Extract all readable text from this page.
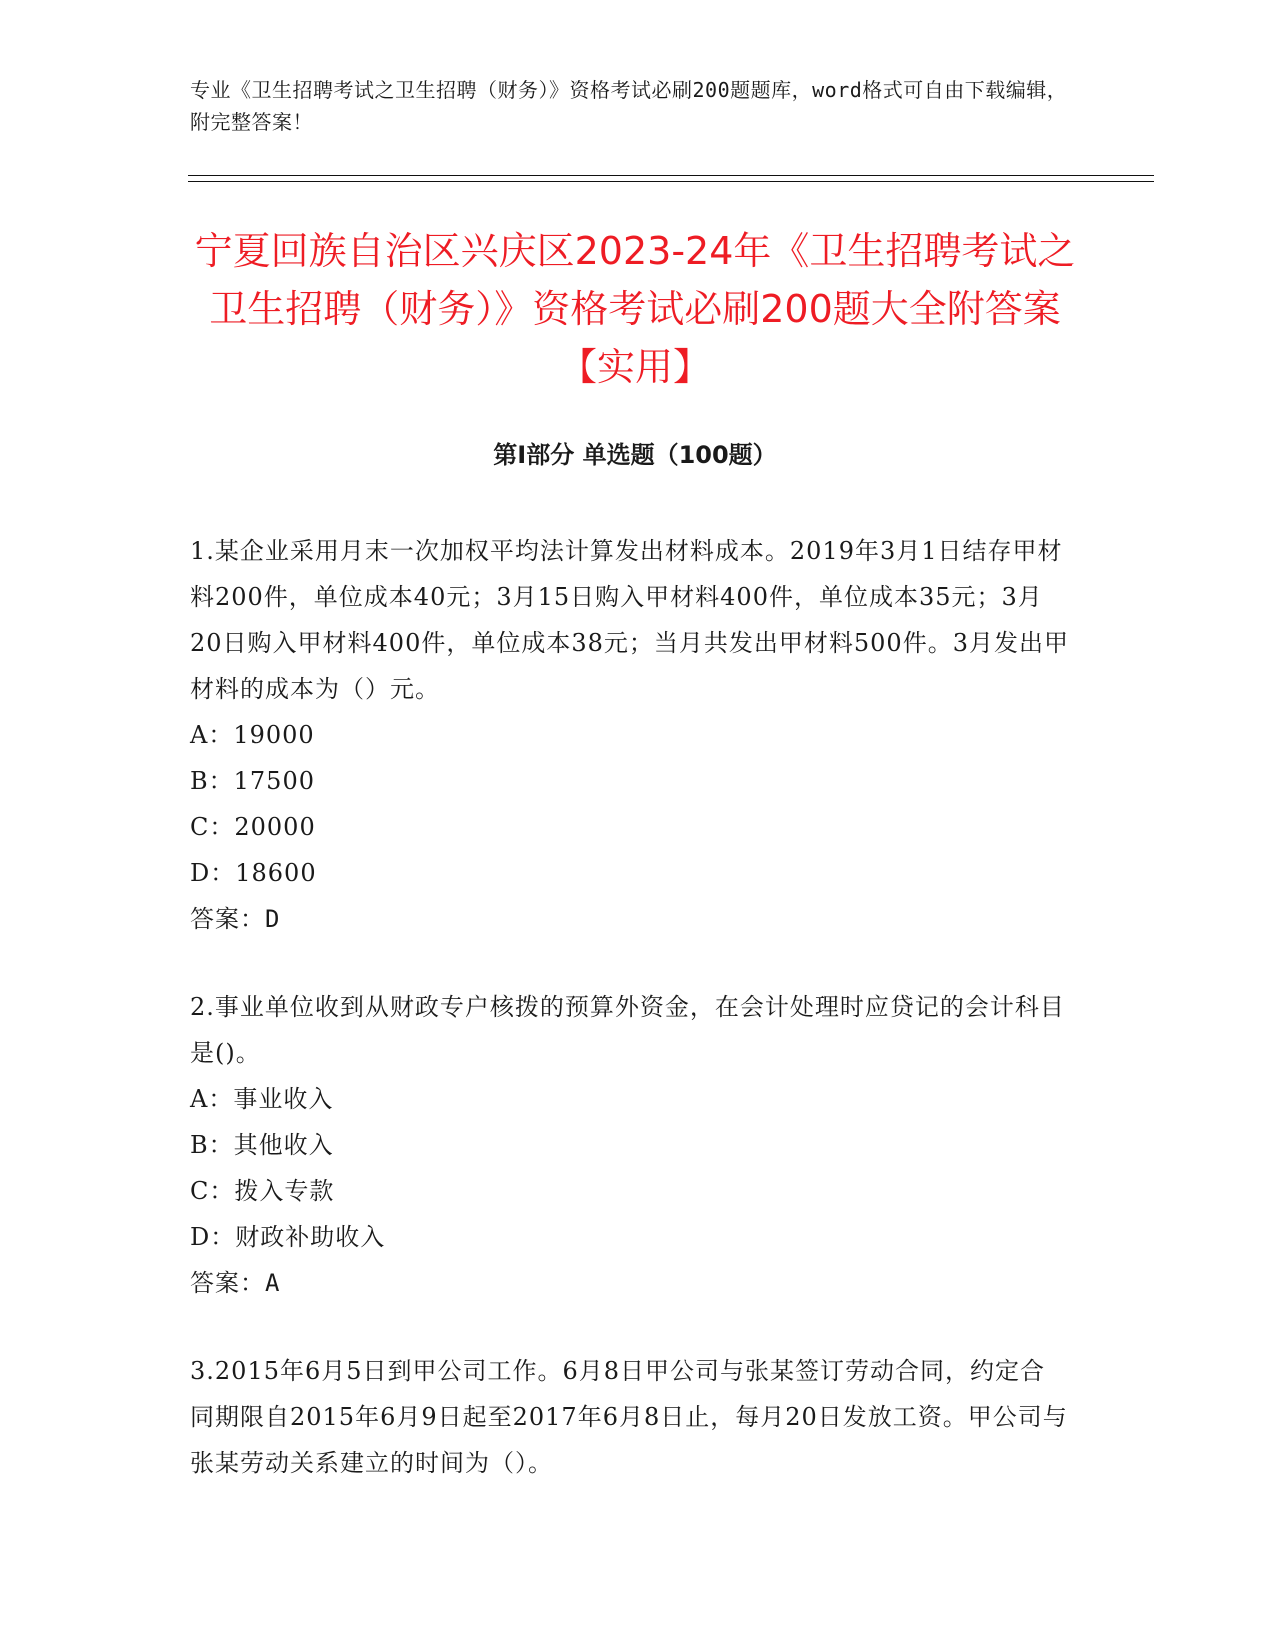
专业《卫生招聘考试之卫生招聘（财务）》资格考试必刷200题题库，word格式可自由下载编辑，附完整答案！
宁夏回族自治区兴庆区2023-24年《卫生招聘考试之卫生招聘（财务）》资格考试必刷200题大全附答案【实用】
第I部分 单选题（100题）

1.某企业采用月末一次加权平均法计算发出材料成本。2019年3月1日结存甲材料200件，单位成本40元；3月15日购入甲材料400件，单位成本35元；3月20日购入甲材料400件，单位成本38元；当月共发出甲材料500件。3月发出甲材料的成本为（）元。

A：19000

B：17500

C：20000

D：18600

答案：D

2.事业单位收到从财政专户核拨的预算外资金，在会计处理时应贷记的会计科目是()。

A：事业收入

B：其他收入

C：拨入专款

D：财政补助收入

答案：A

3.2015年6月5日到甲公司工作。6月8日甲公司与张某签订劳动合同，约定合同期限自2015年6月9日起至2017年6月8日止，每月20日发放工资。甲公司与张某劳动关系建立的时间为（）。
